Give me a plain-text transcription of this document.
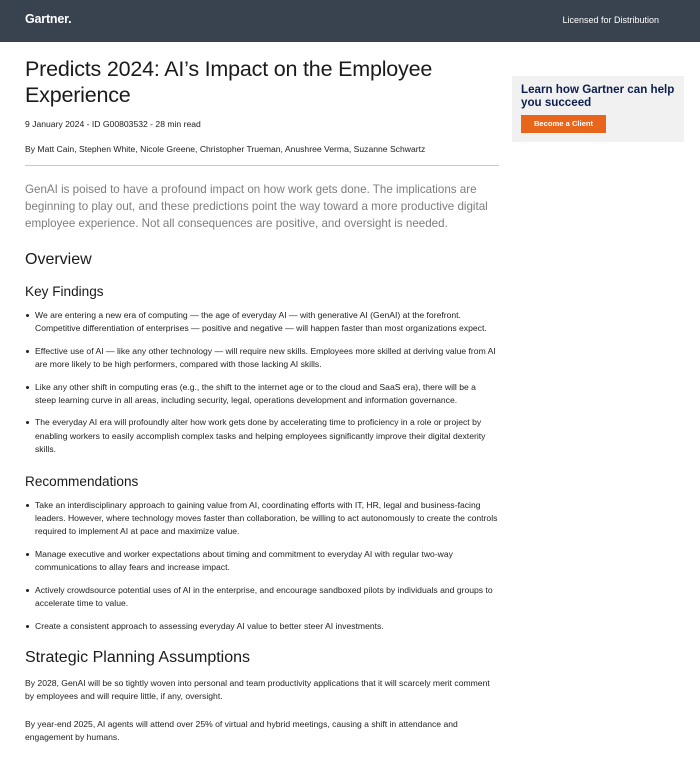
Gartner.	Licensed for Distribution
Predicts 2024: AI’s Impact on the Employee
Experience
9 January 2024 - ID G00803532 - 28 min read
By Matt Cain, Stephen White, Nicole Greene, Christopher Trueman, Anushree Verma, Suzanne Schwartz
GenAI is poised to have a profound impact on how work gets done. The implications are beginning to play out, and these predictions point the way toward a more productive digital employee experience. Not all consequences are positive, and oversight is needed.
Overview
Key Findings
We are entering a new era of computing — the age of everyday AI — with generative AI (GenAI) at the forefront. Competitive differentiation of enterprises — positive and negative — will happen faster than most organizations expect.
Effective use of AI — like any other technology — will require new skills. Employees more skilled at deriving value from AI are more likely to be high performers, compared with those lacking AI skills.
Like any other shift in computing eras (e.g., the shift to the internet age or to the cloud and SaaS era), there will be a steep learning curve in all areas, including security, legal, operations development and information governance.
The everyday AI era will profoundly alter how work gets done by accelerating time to proficiency in a role or project by enabling workers to easily accomplish complex tasks and helping employees significantly improve their digital dexterity skills.
Recommendations
Take an interdisciplinary approach to gaining value from AI, coordinating efforts with IT, HR, legal and business-facing leaders. However, where technology moves faster than collaboration, be willing to act autonomously to create the controls required to implement AI at pace and maximize value.
Manage executive and worker expectations about timing and commitment to everyday AI with regular two-way communications to allay fears and increase impact.
Actively crowdsource potential uses of AI in the enterprise, and encourage sandboxed pilots by individuals and groups to accelerate time to value.
Create a consistent approach to assessing everyday AI value to better steer AI investments.
Strategic Planning Assumptions
By 2028, GenAI will be so tightly woven into personal and team productivity applications that it will scarcely merit comment by employees and will require little, if any, oversight.
By year-end 2025, AI agents will attend over 25% of virtual and hybrid meetings, causing a shift in attendance and engagement by humans.
Learn how Gartner can help you succeed
Become a Client
